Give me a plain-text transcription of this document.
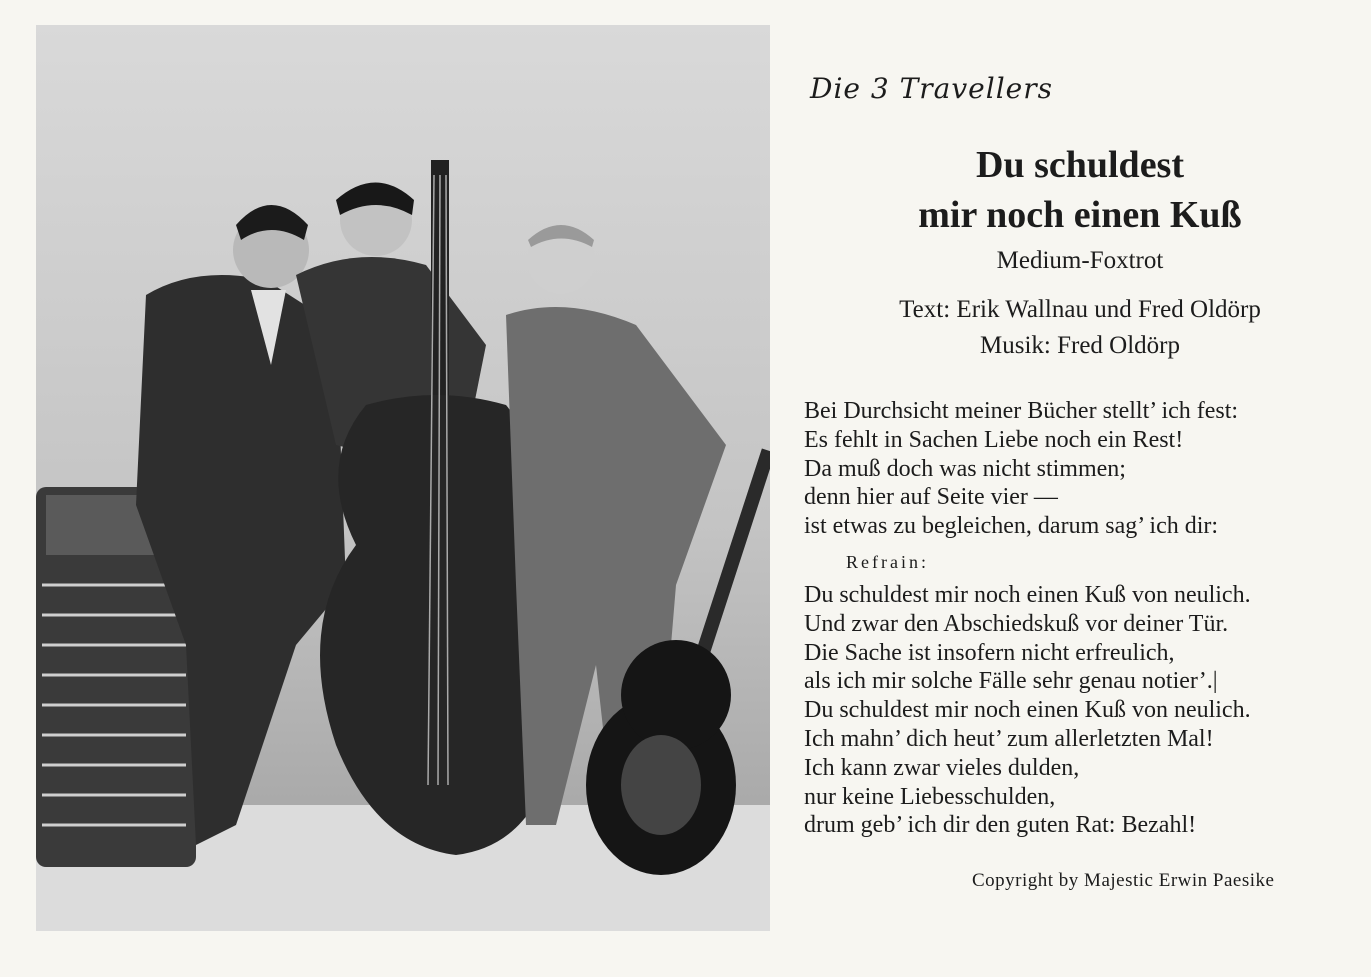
Die 3 Travellers
Du schuldest
mir noch einen Kuß
Medium-Foxtrot
Text: Erik Wallnau und Fred Oldörp
Musik: Fred Oldörp
Bei Durchsicht meiner Bücher stellt’ ich fest:
Es fehlt in Sachen Liebe noch ein Rest!
Da muß doch was nicht stimmen;
denn hier auf Seite vier —
ist etwas zu begleichen, darum sag’ ich dir:
Refrain:
Du schuldest mir noch einen Kuß von neulich.
Und zwar den Abschiedskuß vor deiner Tür.
Die Sache ist insofern nicht erfreulich,
als ich mir solche Fälle sehr genau notier’.|
Du schuldest mir noch einen Kuß von neulich.
Ich mahn’ dich heut’ zum allerletzten Mal!
Ich kann zwar vieles dulden,
nur keine Liebesschulden,
drum geb’ ich dir den guten Rat: Bezahl!
Copyright by Majestic Erwin Paesike
